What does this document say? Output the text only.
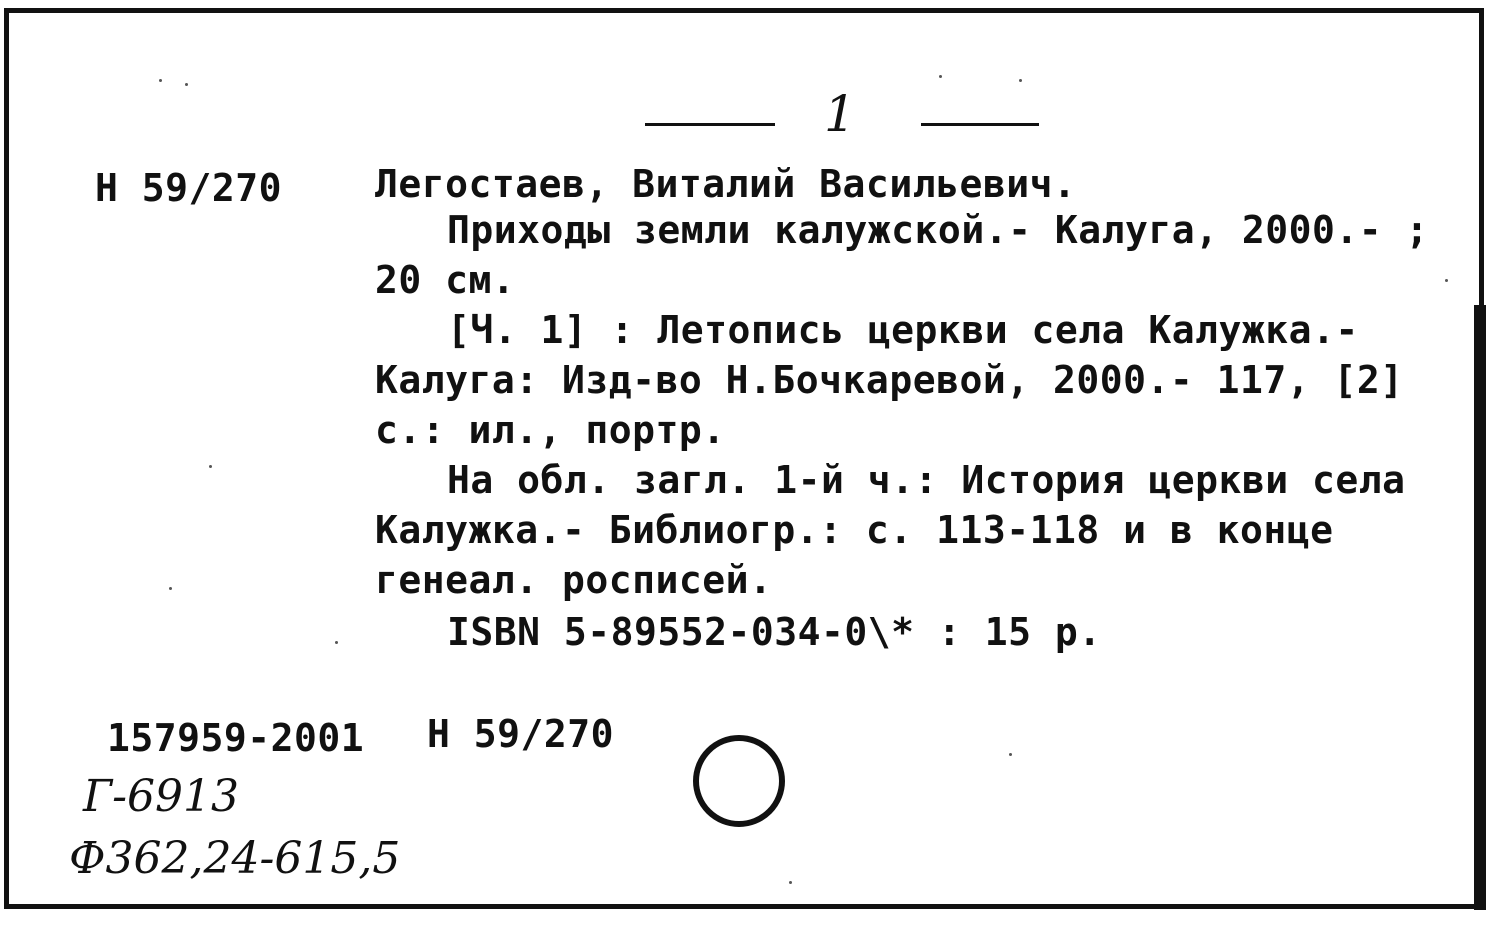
1
Н 59/270 Легостаев, Виталий Васильевич.
Приходы земли калужской.- Калуга, 2000.- ;
20 см.
[Ч. 1] : Летопись церкви села Калужка.-
Калуга: Изд-во Н.Бочкаревой, 2000.- 117, [2]
с.: ил., портр.
На обл. загл. 1-й ч.: История церкви села
Калужка.- Библиогр.: с. 113-118 и в конце
генеал. росписей.
ISBN 5-89552-034-0\* : 15 р.
157959-2001 Н 59/270
Г-6913
Ф362,24-615,5
